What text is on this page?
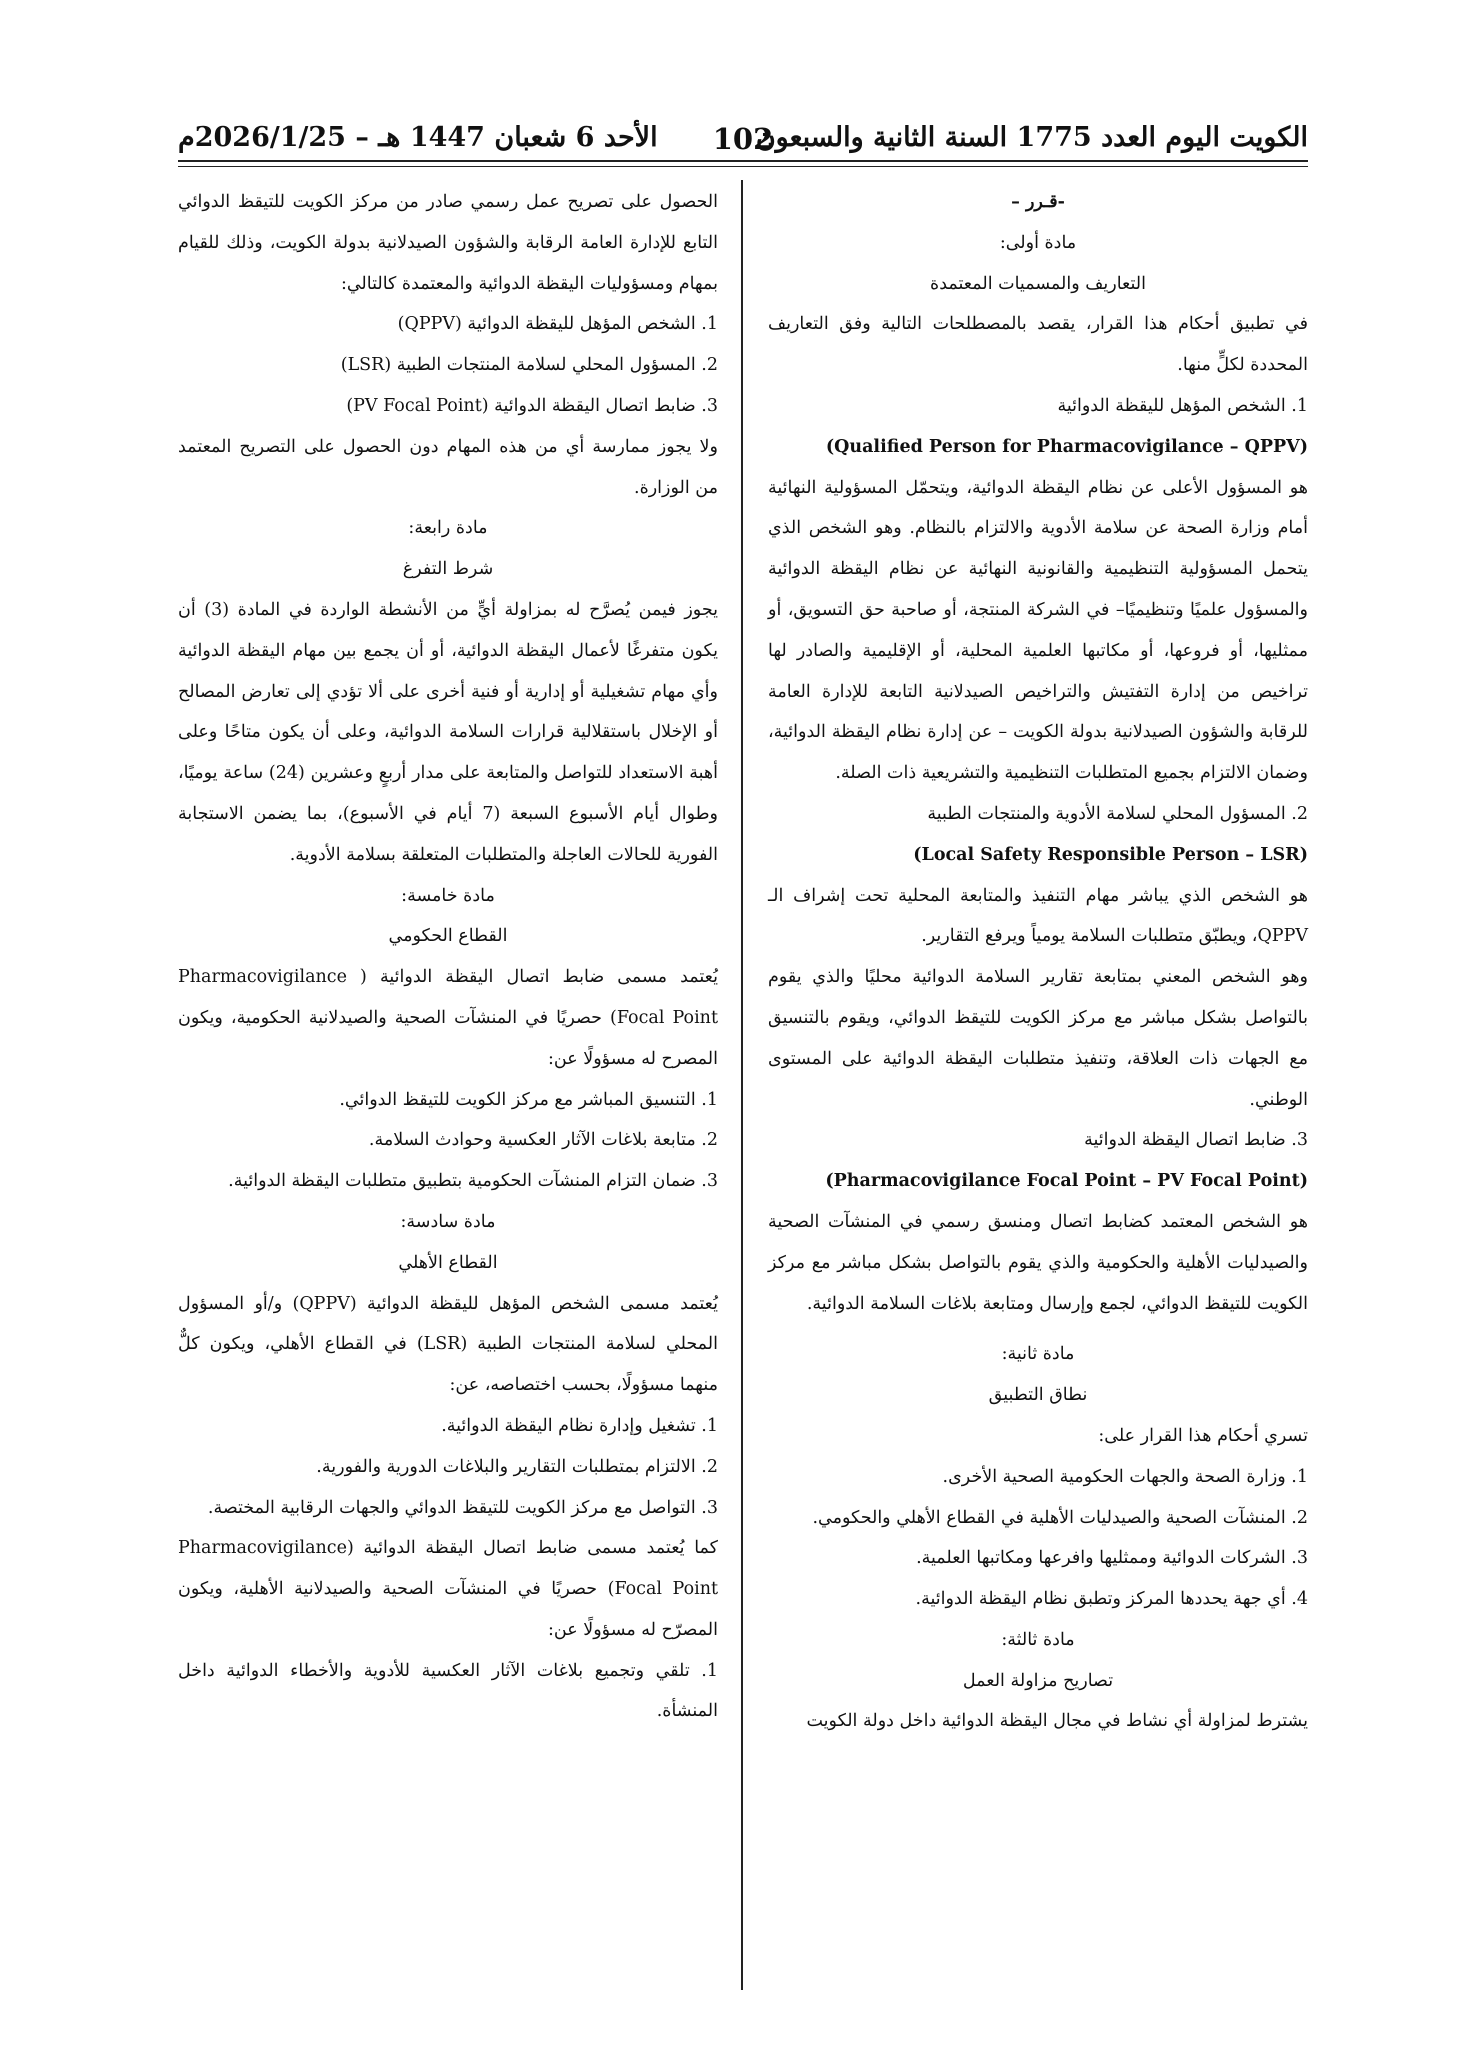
الكويت اليوم العدد 1775 السنة الثانية والسبعون
102
الأحد 6 شعبان 1447 هـ – 2026/1/25م

-قـرر –

مادة أولى:

التعاريف والمسميات المعتمدة

في تطبيق أحكام هذا القرار، يقصد بالمصطلحات التالية وفق التعاريف المحددة لكلٍّ منها.

1. الشخص المؤهل لليقظة الدوائية

(Qualified Person for Pharmacovigilance – QPPV)

هو المسؤول الأعلى عن نظام اليقظة الدوائية، ويتحمّل المسؤولية النهائية أمام وزارة الصحة عن سلامة الأدوية والالتزام بالنظام. وهو الشخص الذي يتحمل المسؤولية التنظيمية والقانونية النهائية عن نظام اليقظة الدوائية والمسؤول علميًا وتنظيميًا– في الشركة المنتجة، أو صاحبة حق التسويق، أو ممثليها، أو فروعها، أو مكاتبها العلمية المحلية، أو الإقليمية والصادر لها تراخيص من إدارة التفتيش والتراخيص الصيدلانية التابعة للإدارة العامة للرقابة والشؤون الصيدلانية بدولة الكويت – عن إدارة نظام اليقظة الدوائية، وضمان الالتزام بجميع المتطلبات التنظيمية والتشريعية ذات الصلة.

2. المسؤول المحلي لسلامة الأدوية والمنتجات الطبية

(Local Safety Responsible Person – LSR)

هو الشخص الذي يباشر مهام التنفيذ والمتابعة المحلية تحت إشراف الـ QPPV، ويطبّق متطلبات السلامة يومياً ويرفع التقارير.

وهو الشخص المعني بمتابعة تقارير السلامة الدوائية محليًا والذي يقوم بالتواصل بشكل مباشر مع مركز الكويت للتيقظ الدوائي، ويقوم بالتنسيق مع الجهات ذات العلاقة، وتنفيذ متطلبات اليقظة الدوائية على المستوى الوطني.

3. ضابط اتصال اليقظة الدوائية

(Pharmacovigilance Focal Point – PV Focal Point)

هو الشخص المعتمد كضابط اتصال ومنسق رسمي في المنشآت الصحية والصيدليات الأهلية والحكومية والذي يقوم بالتواصل بشكل مباشر مع مركز الكويت للتيقظ الدوائي، لجمع وإرسال ومتابعة بلاغات السلامة الدوائية.

مادة ثانية:

نطاق التطبيق

تسري أحكام هذا القرار على:

1. وزارة الصحة والجهات الحكومية الصحية الأخرى.

2. المنشآت الصحية والصيدليات الأهلية في القطاع الأهلي والحكومي.

3. الشركات الدوائية وممثليها وافرعها ومكاتبها العلمية.

4. أي جهة يحددها المركز وتطبق نظام اليقظة الدوائية.

مادة ثالثة:

تصاريح مزاولة العمل

يشترط لمزاولة أي نشاط في مجال اليقظة الدوائية داخل دولة الكويت

الحصول على تصريح عمل رسمي صادر من مركز الكويت للتيقظ الدوائي التابع للإدارة العامة الرقابة والشؤون الصيدلانية بدولة الكويت، وذلك للقيام بمهام ومسؤوليات اليقظة الدوائية والمعتمدة كالتالي:

1. الشخص المؤهل لليقظة الدوائية (QPPV)

2. المسؤول المحلي لسلامة المنتجات الطبية (LSR)

3. ضابط اتصال اليقظة الدوائية (PV Focal Point)

ولا يجوز ممارسة أي من هذه المهام دون الحصول على التصريح المعتمد من الوزارة.

مادة رابعة:

شرط التفرغ

يجوز فيمن يُصرَّح له بمزاولة أيٍّ من الأنشطة الواردة في المادة (3) أن يكون متفرغًا لأعمال اليقظة الدوائية، أو أن يجمع بين مهام اليقظة الدوائية وأي مهام تشغيلية أو إدارية أو فنية أخرى على ألا تؤدي إلى تعارض المصالح أو الإخلال باستقلالية قرارات السلامة الدوائية، وعلى أن يكون متاحًا وعلى أهبة الاستعداد للتواصل والمتابعة على مدار أربعٍ وعشرين (24) ساعة يوميًا، وطوال أيام الأسبوع السبعة (7 أيام في الأسبوع)، بما يضمن الاستجابة الفورية للحالات العاجلة والمتطلبات المتعلقة بسلامة الأدوية.

مادة خامسة:

القطاع الحكومي

يُعتمد مسمى ضابط اتصال اليقظة الدوائية ( Pharmacovigilance Focal Point) حصريًا في المنشآت الصحية والصيدلانية الحكومية، ويكون المصرح له مسؤولًا عن:

1. التنسيق المباشر مع مركز الكويت للتيقظ الدوائي.

2. متابعة بلاغات الآثار العكسية وحوادث السلامة.

3. ضمان التزام المنشآت الحكومية بتطبيق متطلبات اليقظة الدوائية.

مادة سادسة:

القطاع الأهلي

يُعتمد مسمى الشخص المؤهل لليقظة الدوائية (QPPV) و/أو المسؤول المحلي لسلامة المنتجات الطبية (LSR) في القطاع الأهلي، ويكون كلٌّ منهما مسؤولًا، بحسب اختصاصه، عن:

1. تشغيل وإدارة نظام اليقظة الدوائية.

2. الالتزام بمتطلبات التقارير والبلاغات الدورية والفورية.

3. التواصل مع مركز الكويت للتيقظ الدوائي والجهات الرقابية المختصة.

كما يُعتمد مسمى ضابط اتصال اليقظة الدوائية (Pharmacovigilance Focal Point) حصريًا في المنشآت الصحية والصيدلانية الأهلية، ويكون المصرّح له مسؤولًا عن:

1. تلقي وتجميع بلاغات الآثار العكسية للأدوية والأخطاء الدوائية داخل المنشأة.
